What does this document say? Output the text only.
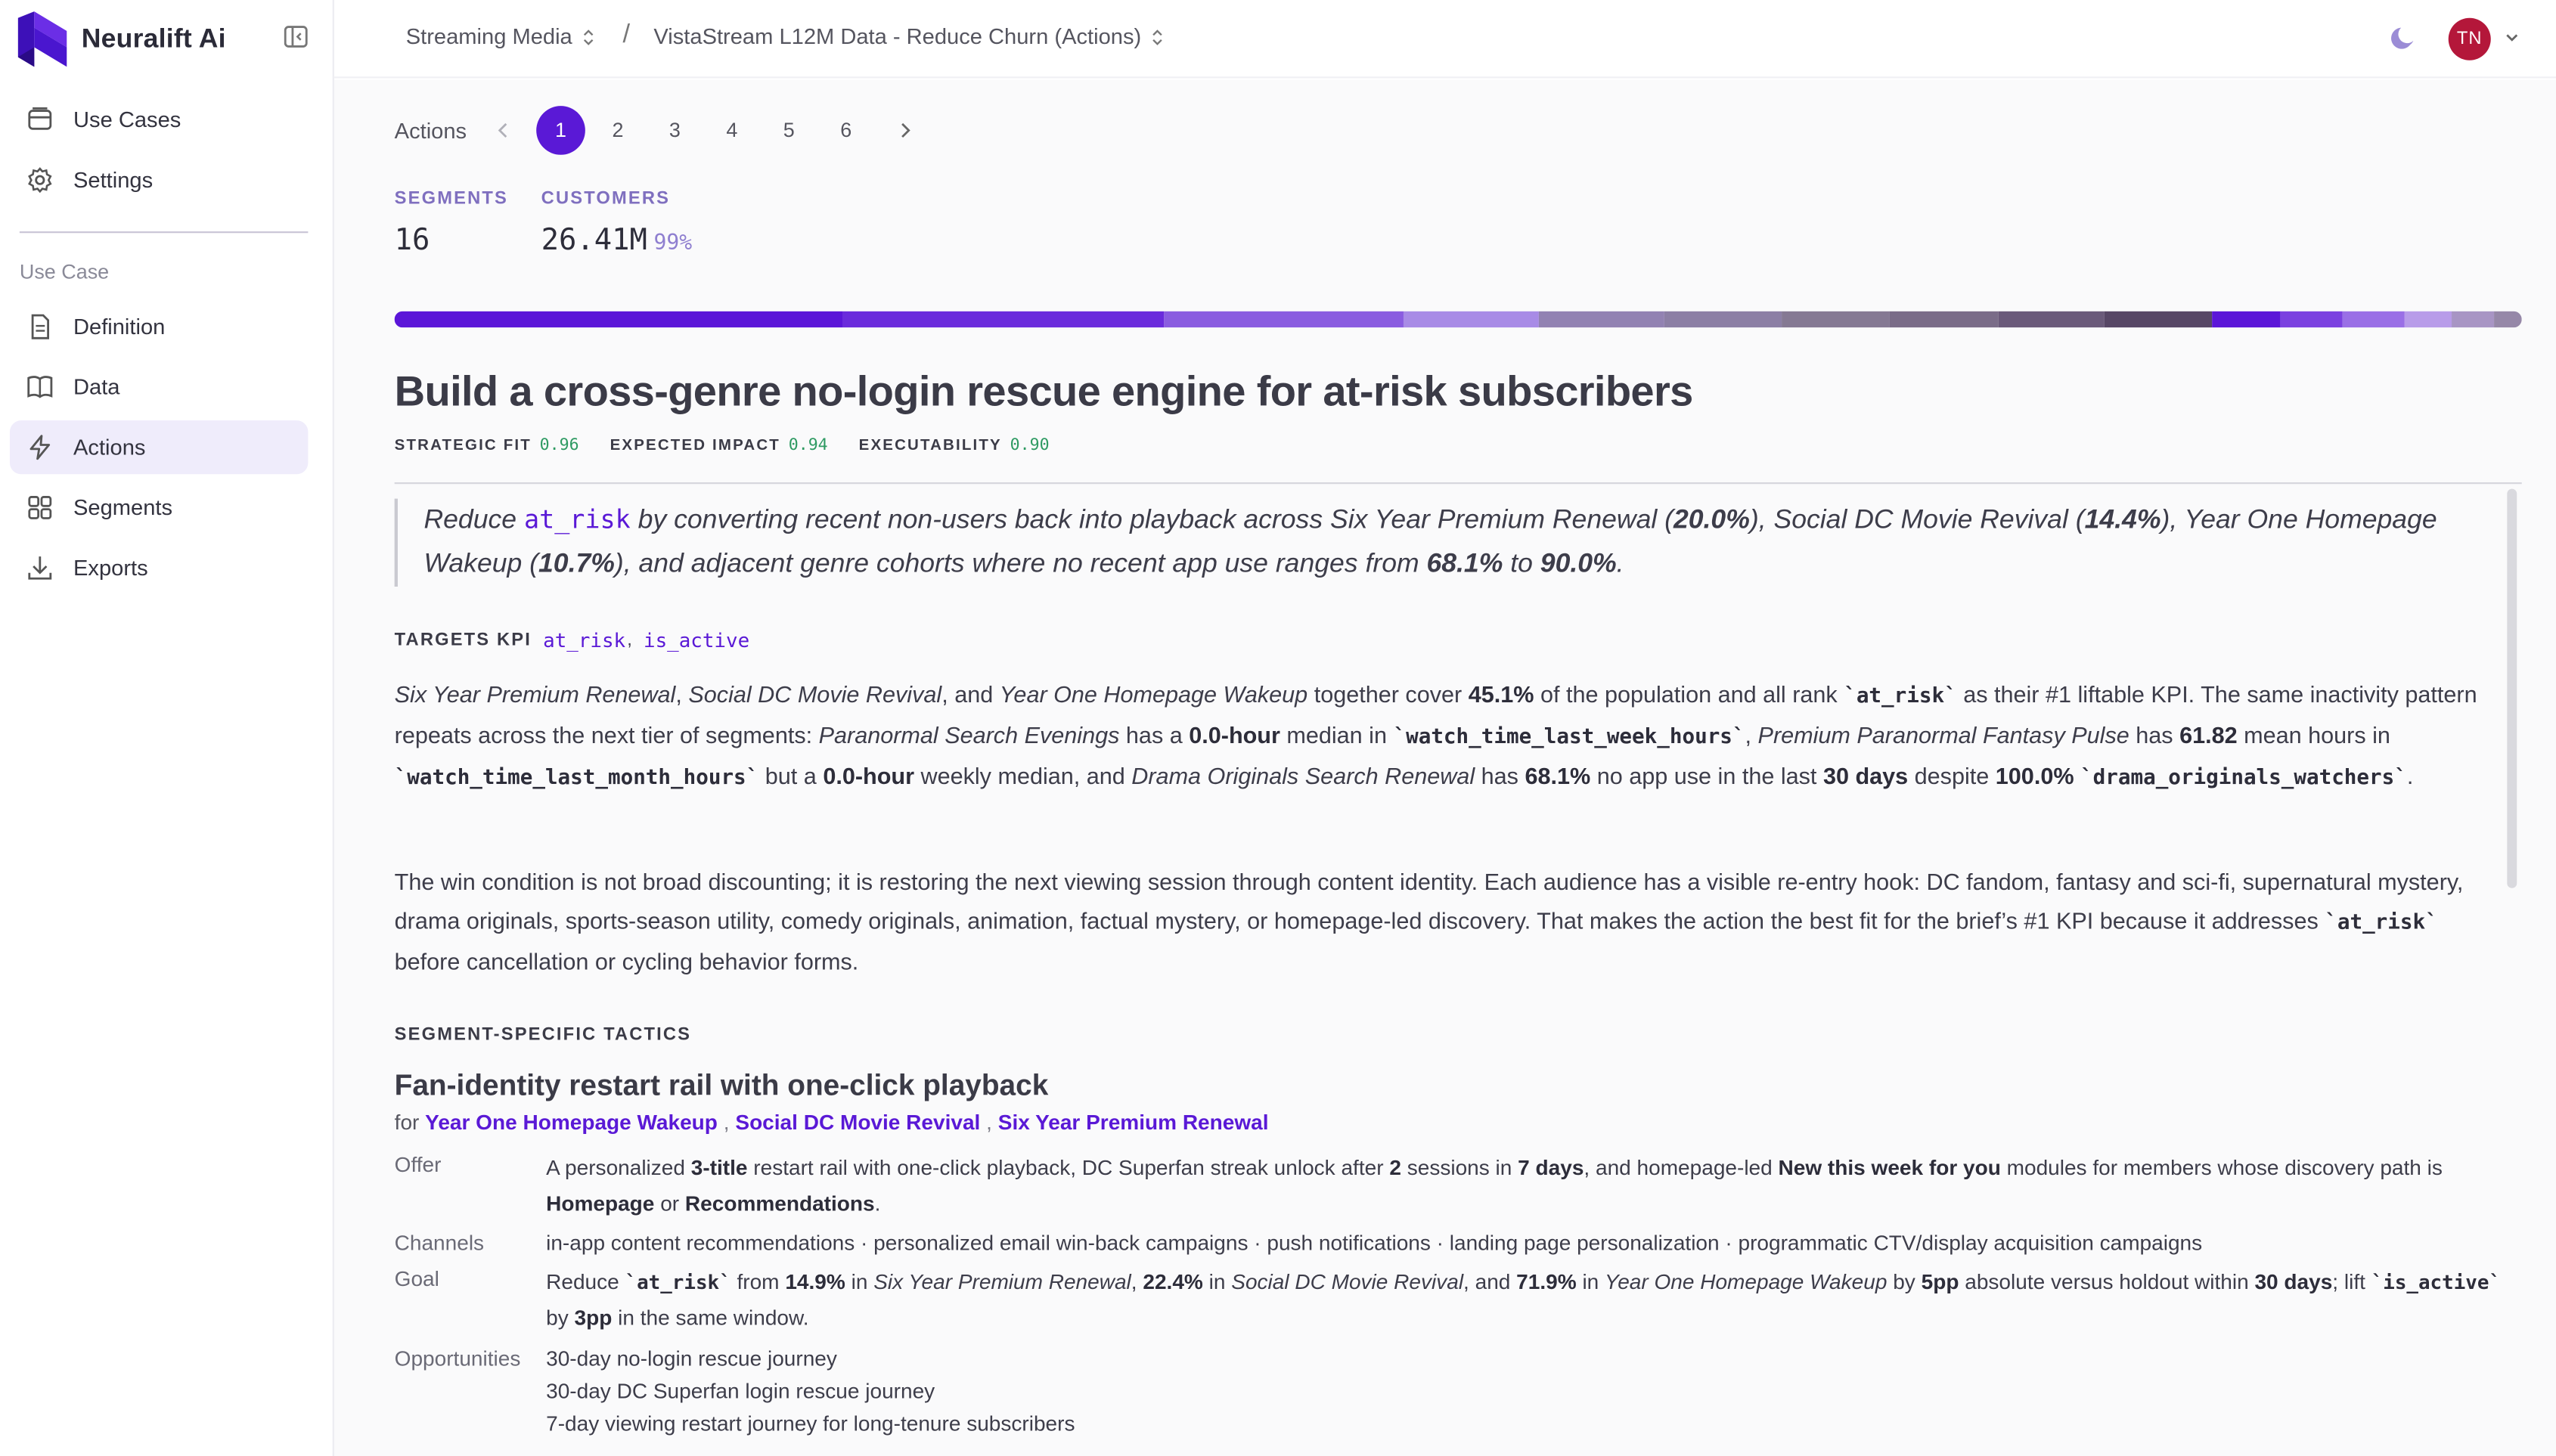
Neuralift Ai
Use Cases
Settings
Use Case
Definition
Data
Actions
Segments
Exports
Streaming Media	/ VistaStream L12M Data - Reduce Churn (Actions)	TN
Actions	1	2	3	4	5	6
SEGMENTS
16
CUSTOMERS
26.41M 99%
Build a cross-genre no-login rescue engine for at-risk subscribers
STRATEGIC FIT 0.96	EXPECTED IMPACT 0.94	EXECUTABILITY 0.90
Reduce at_risk by converting recent non-users back into playback across Six Year Premium Renewal (20.0%), Social DC Movie Revival (14.4%), Year One Homepage Wakeup (10.7%), and adjacent genre cohorts where no recent app use ranges from 68.1% to 90.0%.
TARGETS KPI at_risk , is_active

Six Year Premium Renewal, Social DC Movie Revival, and Year One Homepage Wakeup together cover 45.1% of the population and all rank `at_risk` as their #1 liftable KPI. The same inactivity pattern repeats across the next tier of segments: Paranormal Search Evenings has a 0.0-hour median in `watch_time_last_week_hours`, Premium Paranormal Fantasy Pulse has 61.82 mean hours in `watch_time_last_month_hours` but a 0.0-hour weekly median, and Drama Originals Search Renewal has 68.1% no app use in the last 30 days despite 100.0% `drama_originals_watchers`.

The win condition is not broad discounting; it is restoring the next viewing session through content identity. Each audience has a visible re-entry hook: DC fandom, fantasy and sci-fi, supernatural mystery, drama originals, sports-season utility, comedy originals, animation, factual mystery, or homepage-led discovery. That makes the action the best fit for the brief’s #1 KPI because it addresses `at_risk` before cancellation or cycling behavior forms.

SEGMENT-SPECIFIC TACTICS
Fan-identity restart rail with one-click playback
for Year One Homepage Wakeup , Social DC Movie Revival , Six Year Premium Renewal
Offer	A personalized 3-title restart rail with one-click playback, DC Superfan streak unlock after 2 sessions in 7 days, and homepage-led New this week for you modules for members whose discovery path is Homepage or Recommendations.
Channels	in-app content recommendations · personalized email win-back campaigns · push notifications · landing page personalization · programmatic CTV/display acquisition campaigns
Goal	Reduce `at_risk` from 14.9% in Six Year Premium Renewal, 22.4% in Social DC Movie Revival, and 71.9% in Year One Homepage Wakeup by 5pp absolute versus holdout within 30 days; lift `is_active` by 3pp in the same window.
Opportunities	30-day no-login rescue journey
30-day DC Superfan login rescue journey
7-day viewing restart journey for long-tenure subscribers
